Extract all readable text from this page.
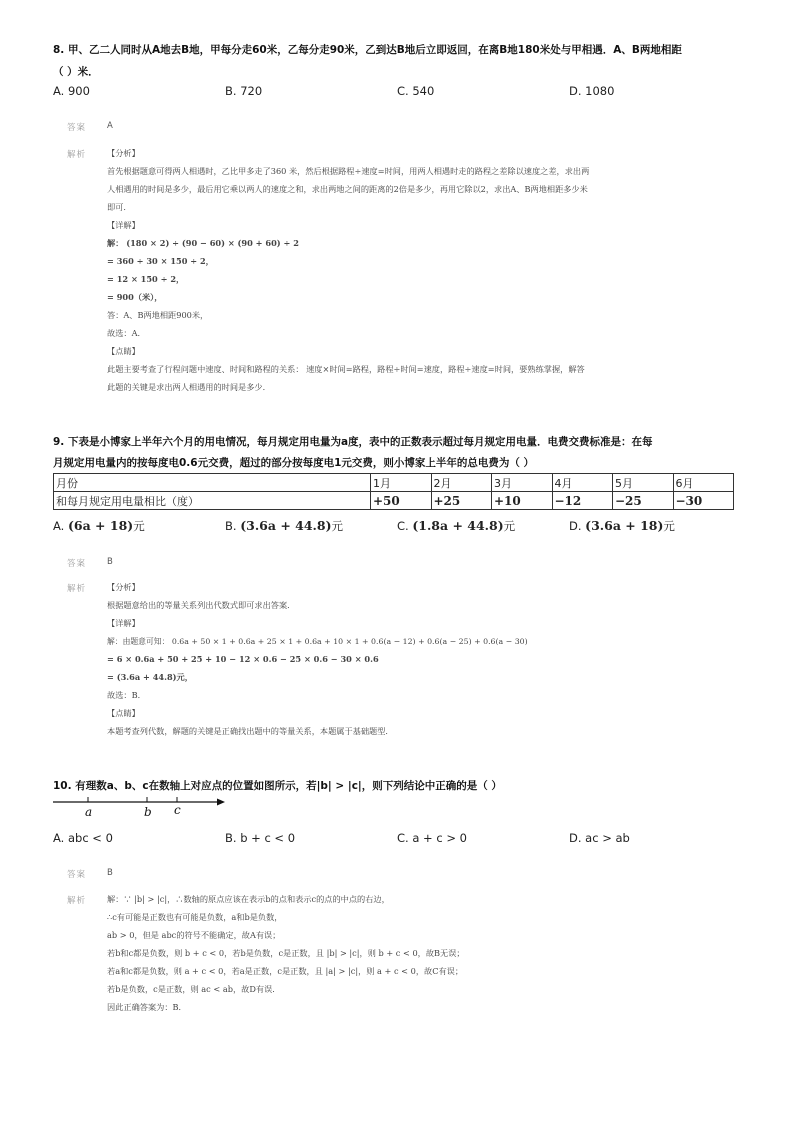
8. 甲、乙二人同时从A地去B地，甲每分走60米，乙每分走90米，乙到达B地后立即返回，在离B地180米处与甲相遇．A、B两地相距
（ ）米．
A. 900	B. 720	C. 540	D. 1080
答案 A
解析	【分析】
首先根据题意可得两人相遇时，乙比甲多走了360 米，然后根据路程÷速度=时间，用两人相遇时走的路程之差除以速度之差，求出两
人相遇用的时间是多少，最后用它乘以两人的速度之和，求出两地之间的距离的2倍是多少，再用它除以2，求出A、B两地相距多少米
即可．
【详解】
解： (180 × 2) ÷ (90 − 60) × (90 + 60) ÷ 2
= 360 ÷ 30 × 150 ÷ 2，
= 12 × 150 ÷ 2，
= 900（米），
答：A、B两地相距900米，
故选：A．
【点睛】
此题主要考查了行程问题中速度、时间和路程的关系： 速度×时间=路程，路程÷时间=速度，路程÷速度=时间，要熟练掌握，解答
此题的关键是求出两人相遇用的时间是多少．
9. 下表是小博家上半年六个月的用电情况，每月规定用电量为a度，表中的正数表示超过每月规定用电量．电费交费标准是：在每
月规定用电量内的按每度电0.6元交费，超过的部分按每度电1元交费，则小博家上半年的总电费为（ ）
月份	1月	2月	3月	4月	5月	6月
和每月规定用电量相比（度）	+50	+25	+10	−12	−25	−30
A. (6a + 18)元	B. (3.6a + 44.8)元	C. (1.8a + 44.8)元	D. (3.6a + 18)元
答案 B
解析	【分析】
根据题意给出的等量关系列出代数式即可求出答案．
【详解】
解：由题意可知： 0.6a + 50 × 1 + 0.6a + 25 × 1 + 0.6a + 10 × 1 + 0.6(a − 12) + 0.6(a − 25) + 0.6(a − 30)
= 6 × 0.6a + 50 + 25 + 10 − 12 × 0.6 − 25 × 0.6 − 30 × 0.6
= (3.6a + 44.8)元，
故选：B．
【点睛】
本题考查列代数，解题的关键是正确找出题中的等量关系，本题属于基础题型．
10. 有理数a、b、c在数轴上对应点的位置如图所示，若|b| > |c|，则下列结论中正确的是（ ）
a	b c
A. abc < 0	B. b + c < 0	C. a + c > 0	D. ac > ab
答案 B
解析	解：∵ |b| > |c|，∴数轴的原点应该在表示b的点和表示c的点的中点的右边，
∴c有可能是正数也有可能是负数，a和b是负数，
ab > 0，但是 abc的符号不能确定，故A有误；
若b和c都是负数，则 b + c < 0，若b是负数，c是正数，且 |b| > |c|，则 b + c < 0，故B无误；
若a和c都是负数，则 a + c < 0，若a是正数，c是正数，且 |a| > |c|，则 a + c < 0，故C有误；
若b是负数，c是正数，则 ac < ab，故D有误．
因此正确答案为：B．
